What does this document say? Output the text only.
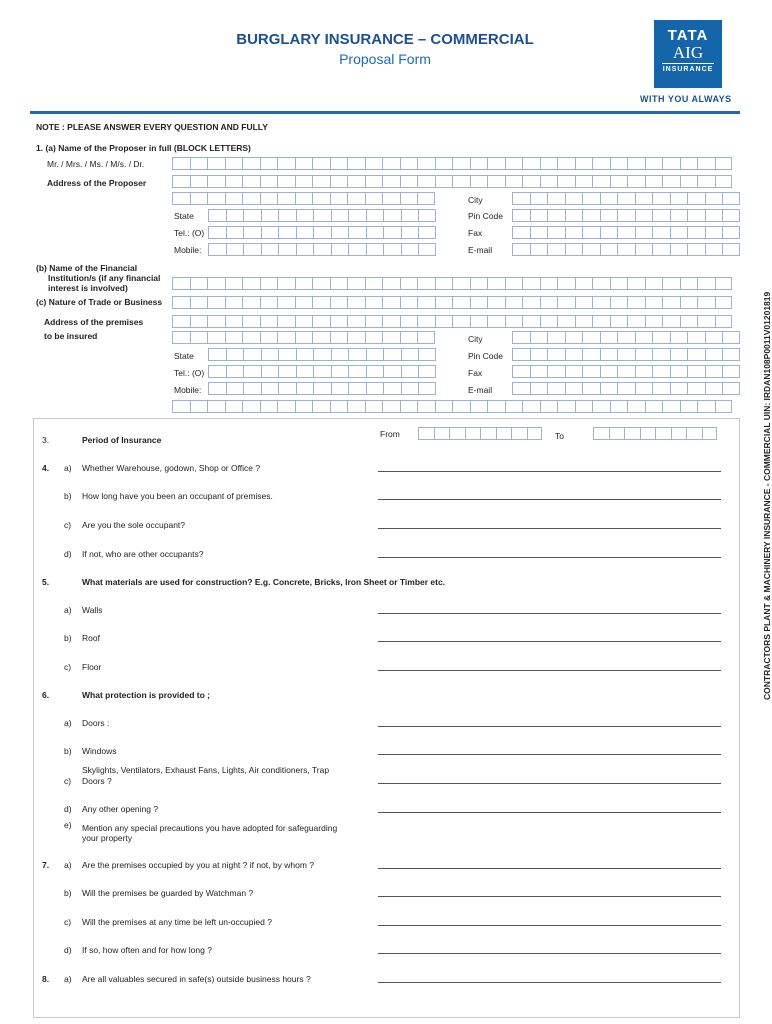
BURGLARY INSURANCE – COMMERCIAL
Proposal Form
TATA
AIG
INSURANCE
WITH YOU ALWAYS
CONTRACTORS PLANT & MACHINERY INSURANCE - COMMERCIAL UIN: IRDAN108P0011V01201819
NOTE : PLEASE ANSWER EVERY QUESTION AND FULLY
1. (a) Name of the Proposer in full (BLOCK LETTERS)
Mr. / Mrs. / Ms. / M/s. / Dr.
Address of the Proposer
City
State	Pin Code
Tel.: (O)	Fax
Mobile:	E-mail
(b) Name of the Financial
Institution/s (if any financial
interest is involved)
(c) Nature of Trade or Business
Address of the premises
to be insured	City
State	Pin Code
Tel.: (O)	Fax
Mobile:	E-mail
3.	Period of Insurance
From	To
4. a) Whether Warehouse, godown, Shop or Office ?
b) How long have you been an occupant of premises.
c) Are you the sole occupant?
d) If not, who are other occupants?
5.	What materials are used for construction? E.g. Concrete, Bricks, Iron Sheet or Timber etc.
a) Walls
b) Roof
c) Floor
6.	What protection is provided to ;
a) Doors :
b) Windows
c)
Skylights, Ventilators, Exhaust Fans, Lights, Air conditioners, Trap
Doors ?
d) Any other opening ?
e) Mention any special precautions you have adopted for safeguarding
your property
7. a) Are the premises occupied by you at night ? if not, by whom ?
b) Will the premises be guarded by Watchman ?
c) Will the premises at any time be left un-occupied ?
d) If so, how often and for how long ?
8. a) Are all valuables secured in safe(s) outside business hours ?
